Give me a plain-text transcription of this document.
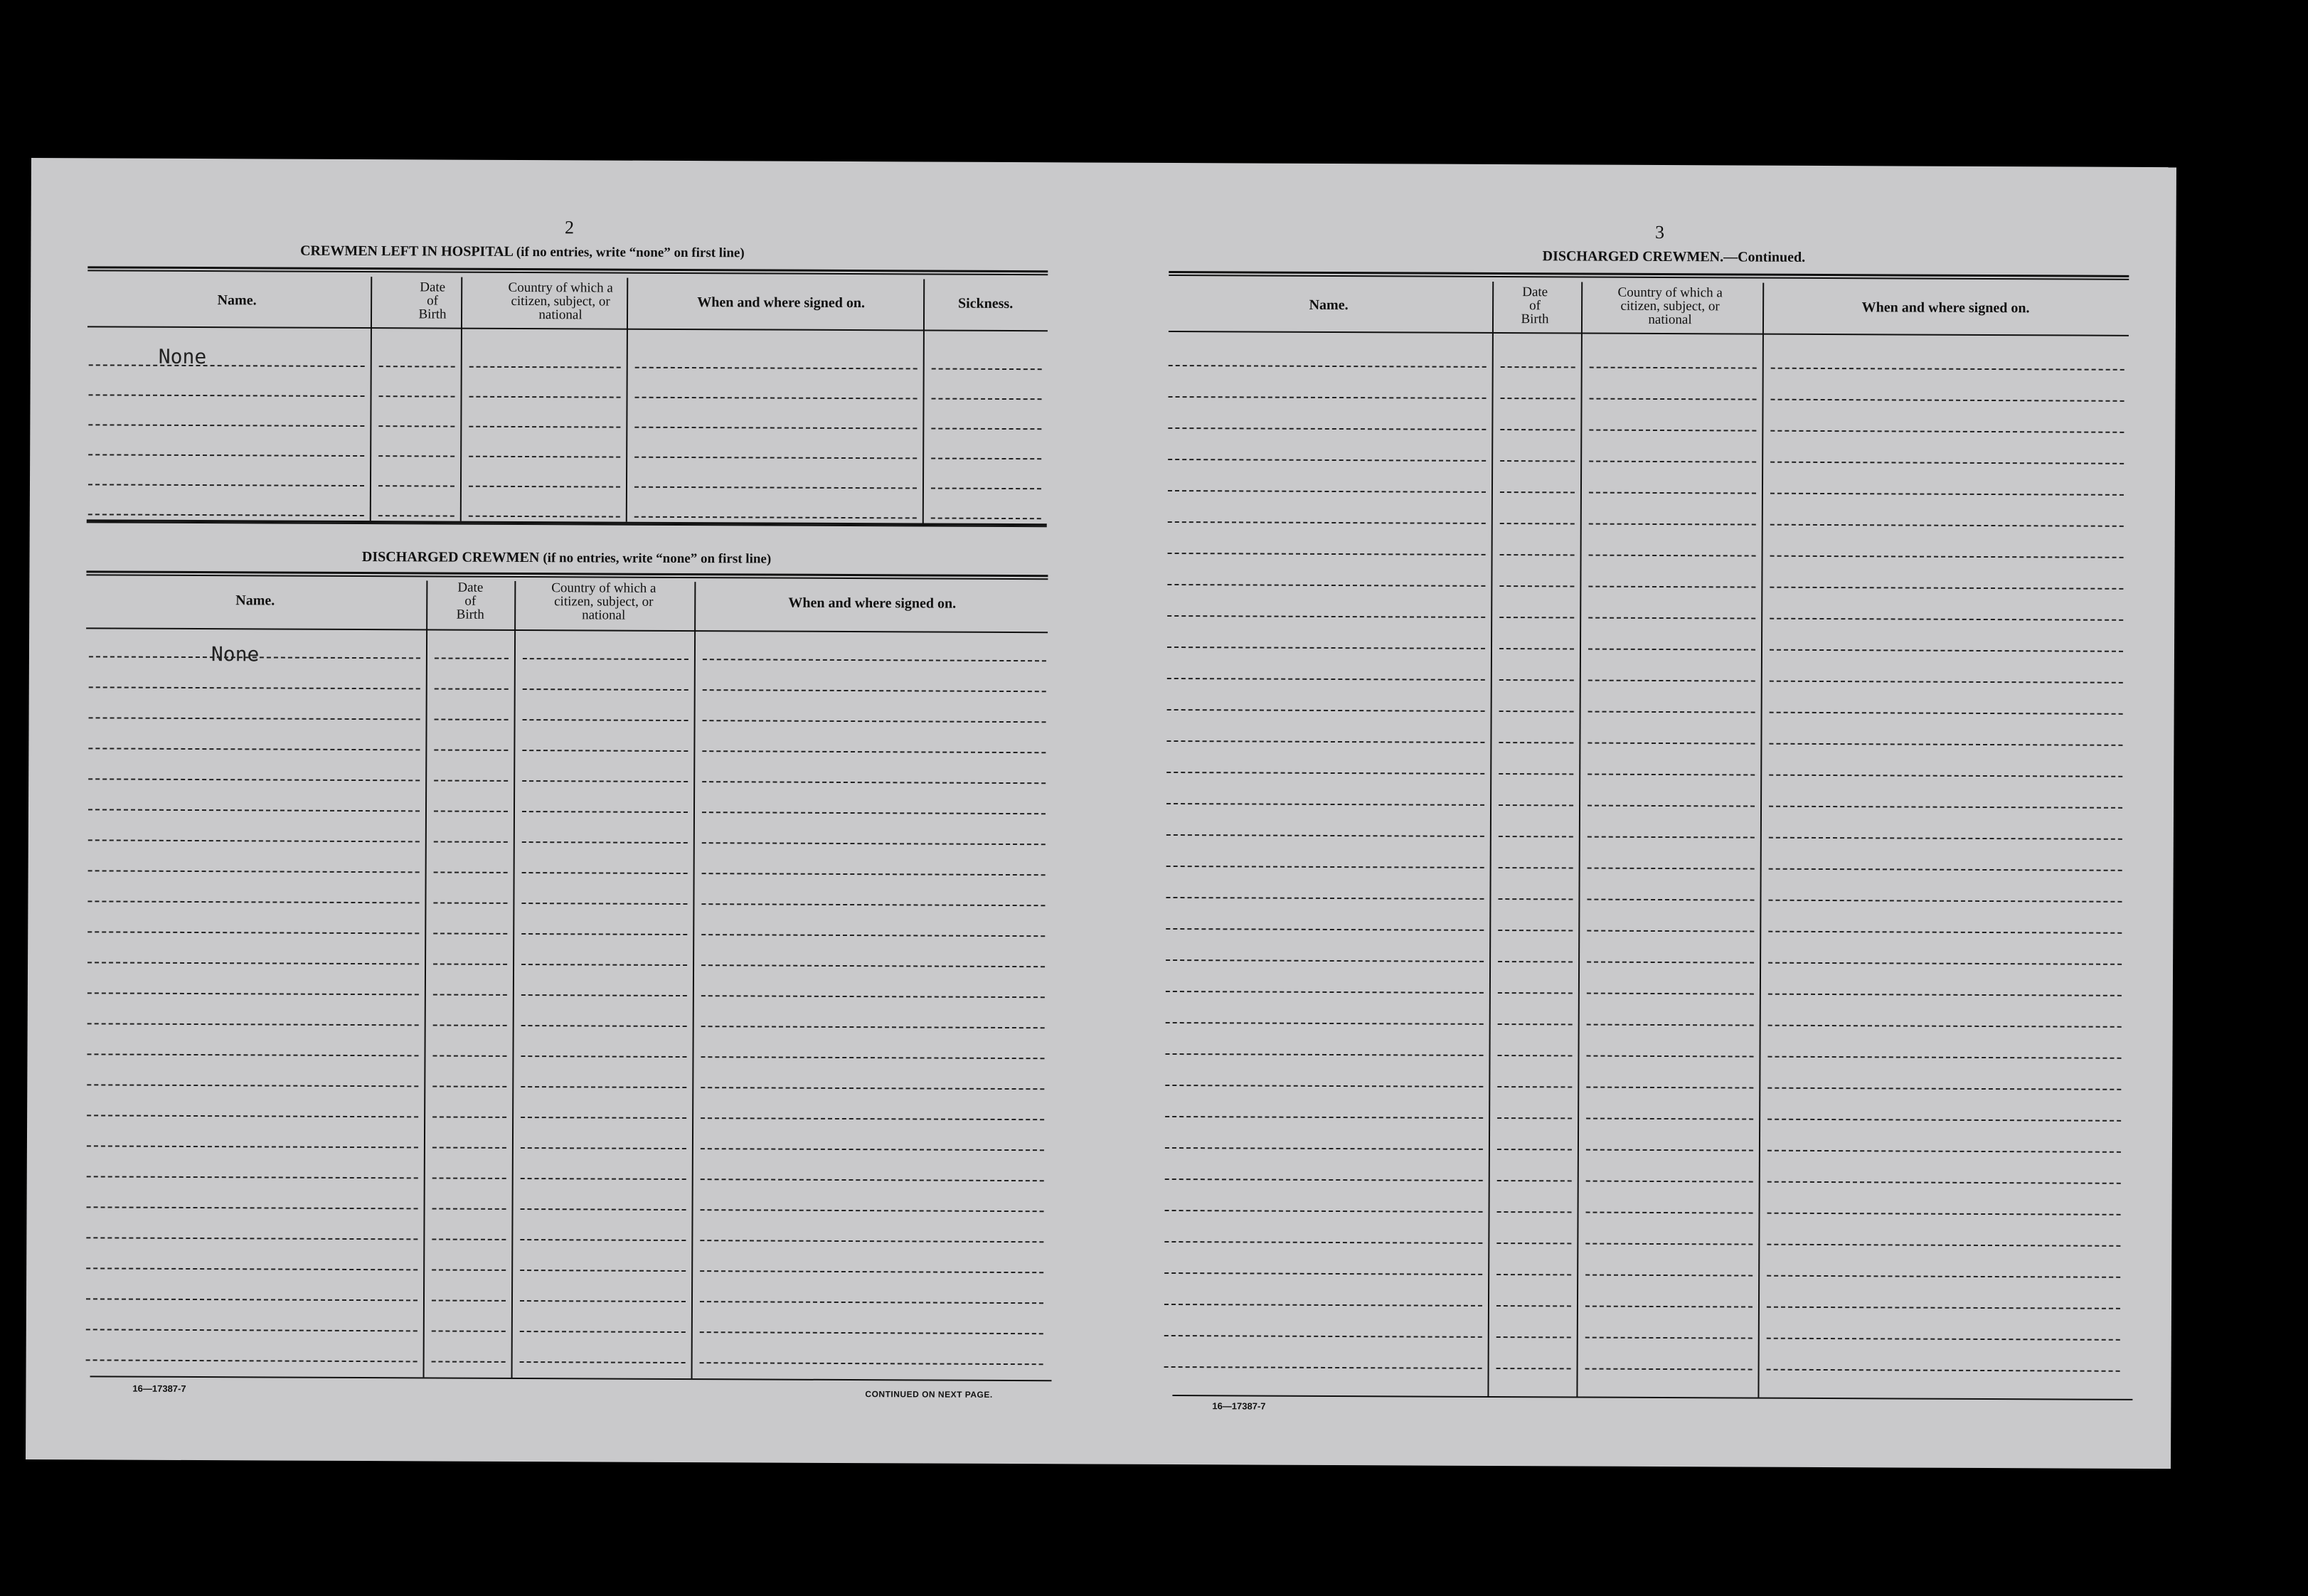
2
CREWMEN LEFT IN HOSPITAL (if no entries, write “none” on first line)
Name.
Date
of
Birth
Country of which a
citizen, subject, or
national
When and where signed on.	Sickness.
None
DISCHARGED CREWMEN (if no entries, write “none” on first line)
Name.
Date
of
Birth
Country of which a
citizen, subject, or
national
When and where signed on.
None
16—17387-7
CONTINUED ON NEXT PAGE.
3
DISCHARGED CREWMEN.—Continued.
Name.
Date
of
Birth
Country of which a
citizen, subject, or
national
When and where signed on.
16—17387-7
